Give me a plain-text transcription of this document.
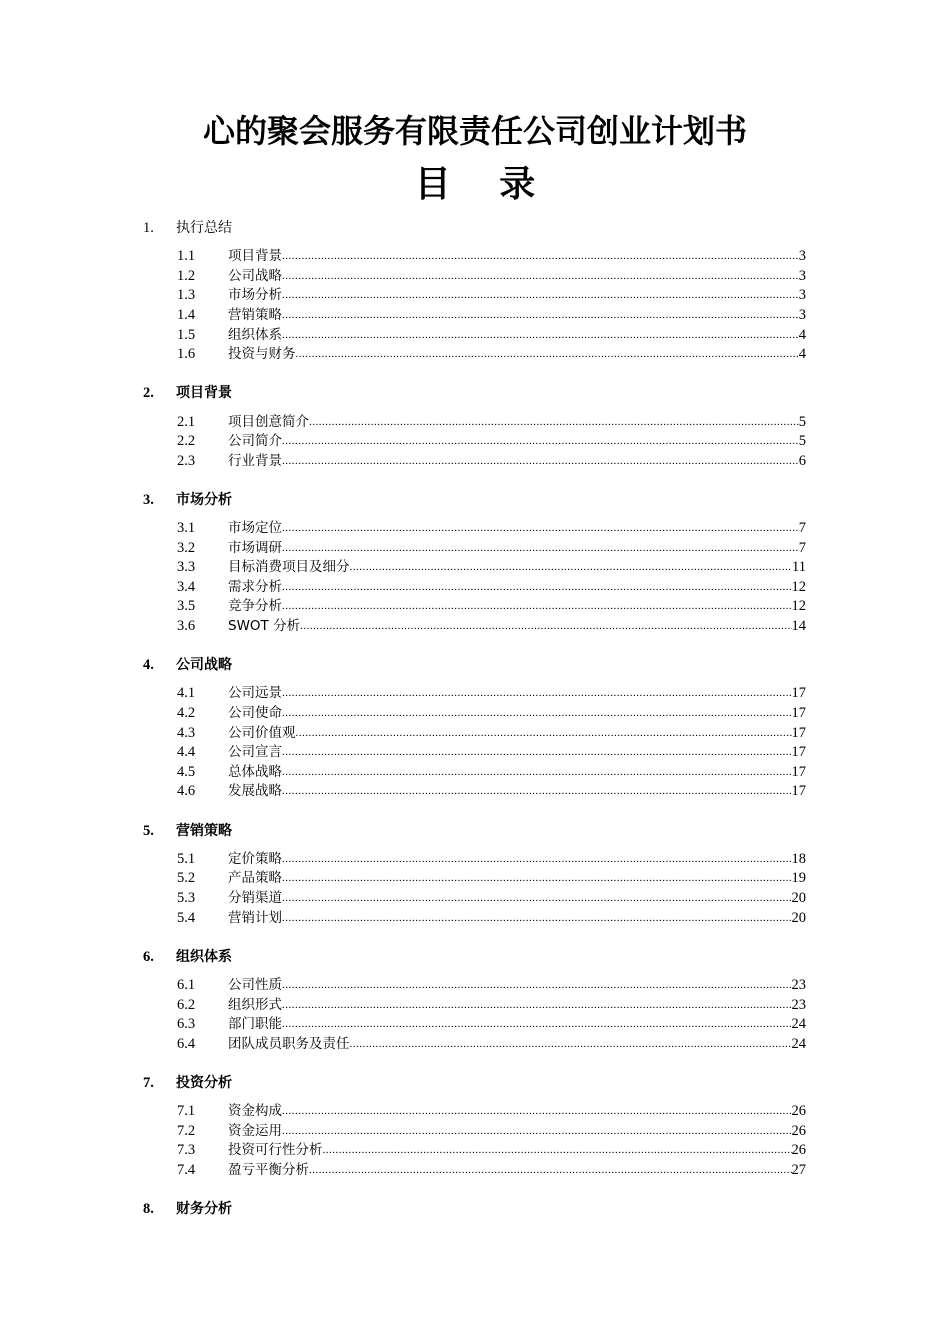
心的聚会服务有限责任公司创业计划书
目 录
1.	执行总结
1.1	项目背景 .....	3
1.2	公司战略 .....	3
1.3	市场分析 .....	3
1.4	营销策略 .....	3
1.5	组织体系 .....	4
1.6	投资与财务 .....	4
2.	项目背景
2.1	项目创意简介 .....	5
2.2	公司简介 .....	5
2.3	行业背景 .....	6
3.	市场分析
3.1	市场定位 .....	7
3.2	市场调研 .....	7
3.3	目标消费项目及细分 .....	11
3.4	需求分析 .....	12
3.5	竞争分析 .....	12
3.6	SWOT 分析 .....	14
4.	公司战略
4.1	公司远景 .....	17
4.2	公司使命 .....	17
4.3	公司价值观 .....	17
4.4	公司宣言 .....	17
4.5	总体战略 .....	17
4.6	发展战略 .....	17
5.	营销策略
5.1	定价策略 .....	18
5.2	产品策略 .....	19
5.3	分销渠道 .....	20
5.4	营销计划 .....	20
6.	组织体系
6.1	公司性质 .....	23
6.2	组织形式 .....	23
6.3	部门职能 .....	24
6.4	团队成员职务及责任 .....	24
7.	投资分析
7.1	资金构成 .....	26
7.2	资金运用 .....	26
7.3	投资可行性分析 .....	26
7.4	盈亏平衡分析 .....	27
8.	财务分析
